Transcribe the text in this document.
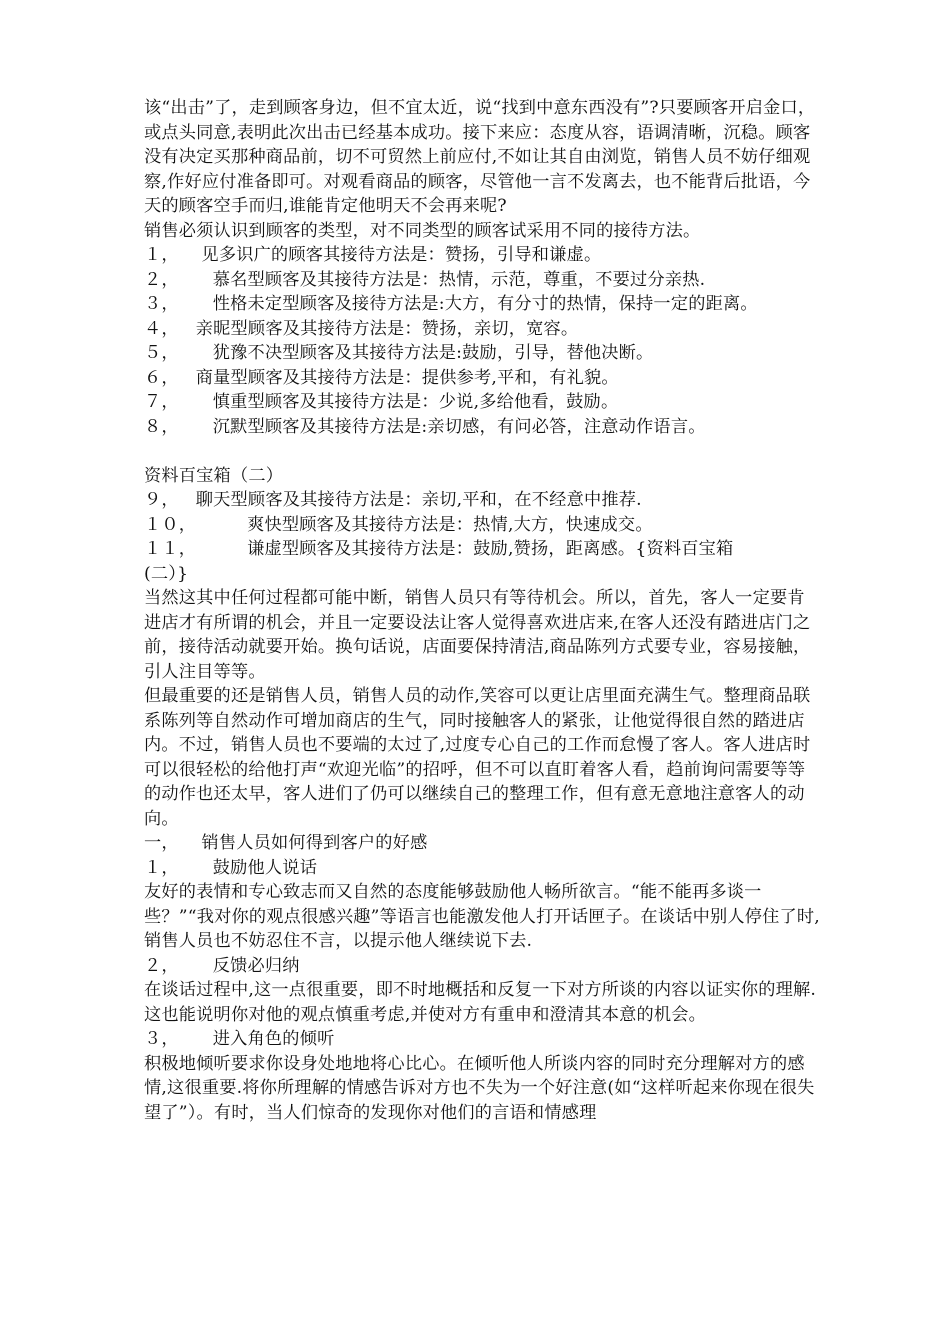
该“出击”了，走到顾客身边，但不宜太近，说“找到中意东西没有”?只要顾客开启金口，或点头同意,表明此次出击已经基本成功。接下来应：态度从容，语调清晰，沉稳。顾客没有决定买那种商品前，切不可贸然上前应付,不如让其自由浏览，销售人员不妨仔细观察,作好应付准备即可。对观看商品的顾客，尽管他一言不发离去，也不能背后批语，今天的顾客空手而归,谁能肯定他明天不会再来呢?

销售必须认识到顾客的类型，对不同类型的顾客试采用不同的接待方法。

１，    见多识广的顾客其接待方法是：赞扬，引导和谦虚。

２，      慕名型顾客及其接待方法是：热情，示范，尊重，不要过分亲热.

３，      性格未定型顾客及接待方法是:大方，有分寸的热情，保持一定的距离。

４，   亲昵型顾客及其接待方法是：赞扬，亲切，宽容。

５，      犹豫不决型顾客及其接待方法是:鼓励，引导，替他决断。

６，   商量型顾客及其接待方法是：提供参考,平和，有礼貌。

７，      慎重型顾客及其接待方法是：少说,多给他看，鼓励。

８，      沉默型顾客及其接待方法是:亲切感，有问必答，注意动作语言。

资料百宝箱（二）

９，   聊天型顾客及其接待方法是：亲切,平和，在不经意中推荐.

１０，         爽快型顾客及其接待方法是：热情,大方，快速成交。

１１，         谦虚型顾客及其接待方法是：鼓励,赞扬，距离感。{资料百宝箱

(二）}

当然这其中任何过程都可能中断，销售人员只有等待机会。所以，首先，客人一定要肯进店才有所谓的机会，并且一定要设法让客人觉得喜欢进店来,在客人还没有踏进店门之前，接待活动就要开始。换句话说，店面要保持清洁,商品陈列方式要专业，容易接触，引人注目等等。

但最重要的还是销售人员，销售人员的动作,笑容可以更让店里面充满生气。整理商品联系陈列等自然动作可增加商店的生气，同时接触客人的紧张，让他觉得很自然的踏进店内。不过，销售人员也不要端的太过了,过度专心自己的工作而怠慢了客人。客人进店时可以很轻松的给他打声“欢迎光临”的招呼，但不可以直盯着客人看，趋前询问需要等等的动作也还太早，客人进们了仍可以继续自己的整理工作，但有意无意地注意客人的动向。

一，    销售人员如何得到客户的好感

１，      鼓励他人说话

友好的表情和专心致志而又自然的态度能够鼓励他人畅所欲言。“能不能再多谈一些？”“我对你的观点很感兴趣”等语言也能激发他人打开话匣子。在谈话中别人停住了时,销售人员也不妨忍住不言，以提示他人继续说下去.

２，      反馈必归纳

在谈话过程中,这一点很重要，即不时地概括和反复一下对方所谈的内容以证实你的理解.这也能说明你对他的观点慎重考虑,并使对方有重申和澄清其本意的机会。

３，      进入角色的倾听

积极地倾听要求你设身处地地将心比心。在倾听他人所谈内容的同时充分理解对方的感情,这很重要.将你所理解的情感告诉对方也不失为一个好注意(如“这样听起来你现在很失望了”）。有时，当人们惊奇的发现你对他们的言语和情感理
